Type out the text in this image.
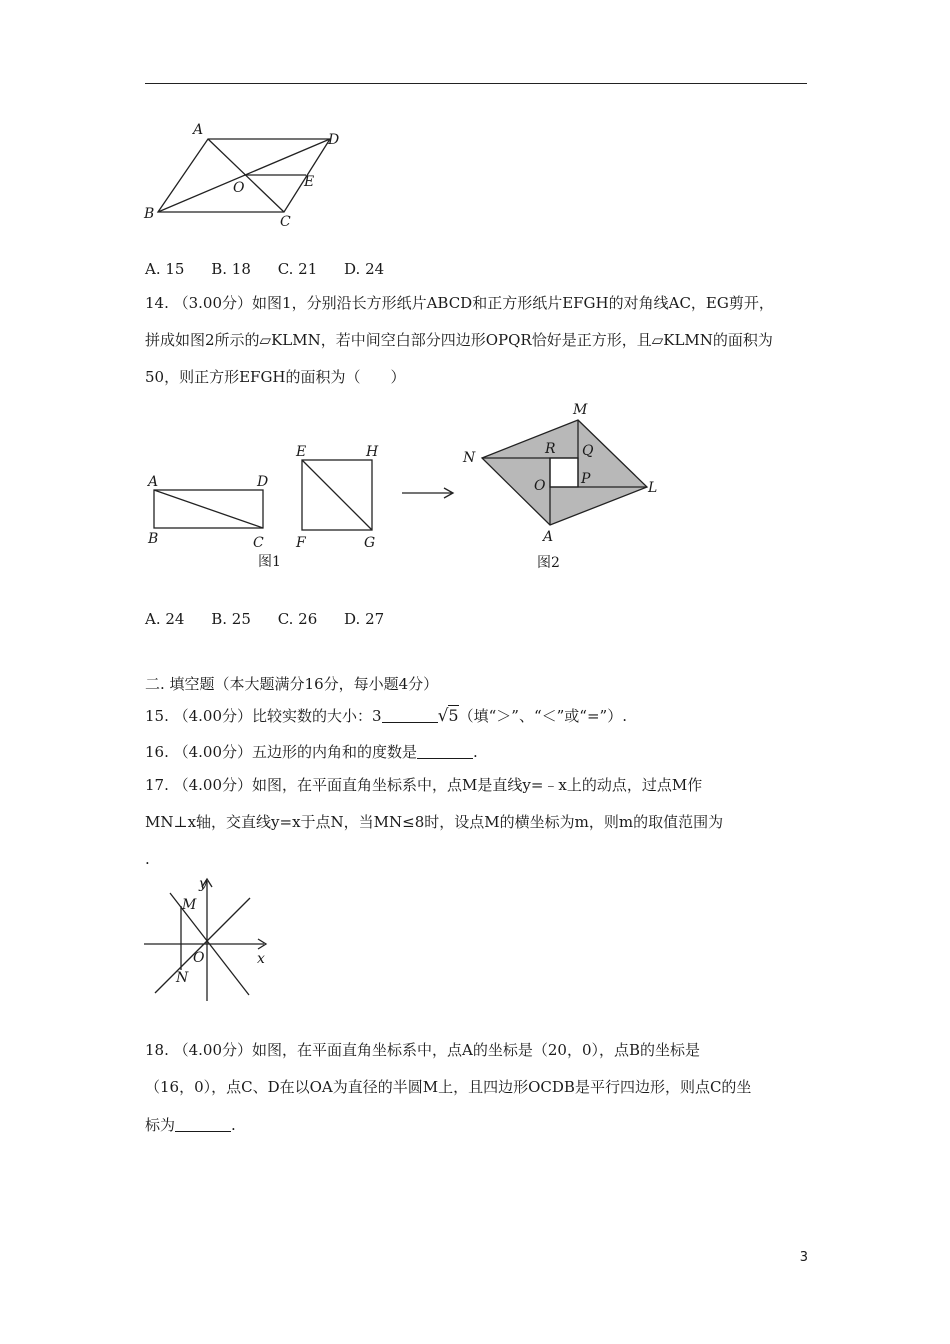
A
D
O	E
B	C
A. 15 B. 18 C. 21 D. 24
14. （3.00分）如图1，分别沿长方形纸片ABCD和正方形纸片EFGH的对角线AC，EG剪开，
拼成如图2所示的▱KLMN，若中间空白部分四边形OPQR恰好是正方形，且▱KLMN的面积为
50，则正方形EFGH的面积为（　　）
A	D
B	C
E	H
F	G
图1
M
N
R Q
O	P
L
A
图2
A. 24 B. 25 C. 26 D. 27
二. 填空题（本大题满分16分，每小题4分）
15. （4.00分）比较实数的大小：3	√5（填“＞”、“＜”或“=”）.
16. （4.00分）五边形的内角和的度数是	.
17. （4.00分）如图，在平面直角坐标系中，点M是直线y=﹣x上的动点，过点M作
MN⊥x轴，交直线y=x于点N，当MN≤8时，设点M的横坐标为m，则m的取值范围为
.
y
M
O	x
N
18. （4.00分）如图，在平面直角坐标系中，点A的坐标是（20，0），点B的坐标是
（16，0），点C、D在以OA为直径的半圆M上，且四边形OCDB是平行四边形，则点C的坐
标为	.
3
